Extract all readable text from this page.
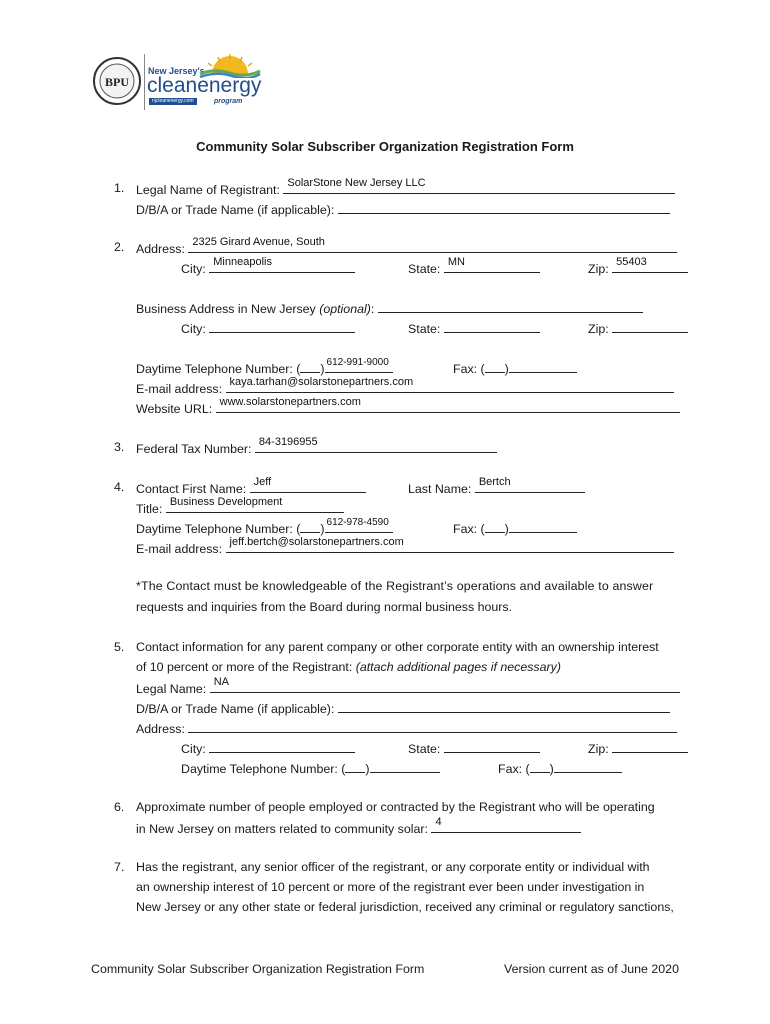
BPU
New Jersey's
cleanenergy
njcleanenergy.com	program
Community Solar Subscriber Organization Registration Form
1. Legal Name of Registrant: SolarStone New Jersey LLC
D/B/A or Trade Name (if applicable):
2. Address: 2325 Girard Avenue, South
City: Minneapolis	State: MN	Zip: 55403
Business Address in New Jersey (optional):
City:	State:	Zip:
Daytime Telephone Number: ( ) 612-991-9000	Fax: ( )
E-mail address: kaya.tarhan@solarstonepartners.com
Website URL: www.solarstonepartners.com
3. Federal Tax Number: 84-3196955
4. Contact First Name: Jeff	Last Name: Bertch
Title: Business Development
Daytime Telephone Number: ( ) 612-978-4590	Fax: ( )
E-mail address: jeff.bertch@solarstonepartners.com
*The Contact must be knowledgeable of the Registrant’s operations and available to answer
requests and inquiries from the Board during normal business hours.
5. Contact information for any parent company or other corporate entity with an ownership interest
of 10 percent or more of the Registrant: (attach additional pages if necessary)
Legal Name: NA
D/B/A or Trade Name (if applicable):
Address:
City:	State:	Zip:
Daytime Telephone Number: ( )	Fax: ( )
6. Approximate number of people employed or contracted by the Registrant who will be operating
in New Jersey on matters related to community solar: 4
7. Has the registrant, any senior officer of the registrant, or any corporate entity or individual with
an ownership interest of 10 percent or more of the registrant ever been under investigation in
New Jersey or any other state or federal jurisdiction, received any criminal or regulatory sanctions,
Community Solar Subscriber Organization Registration Form	Version current as of June 2020
